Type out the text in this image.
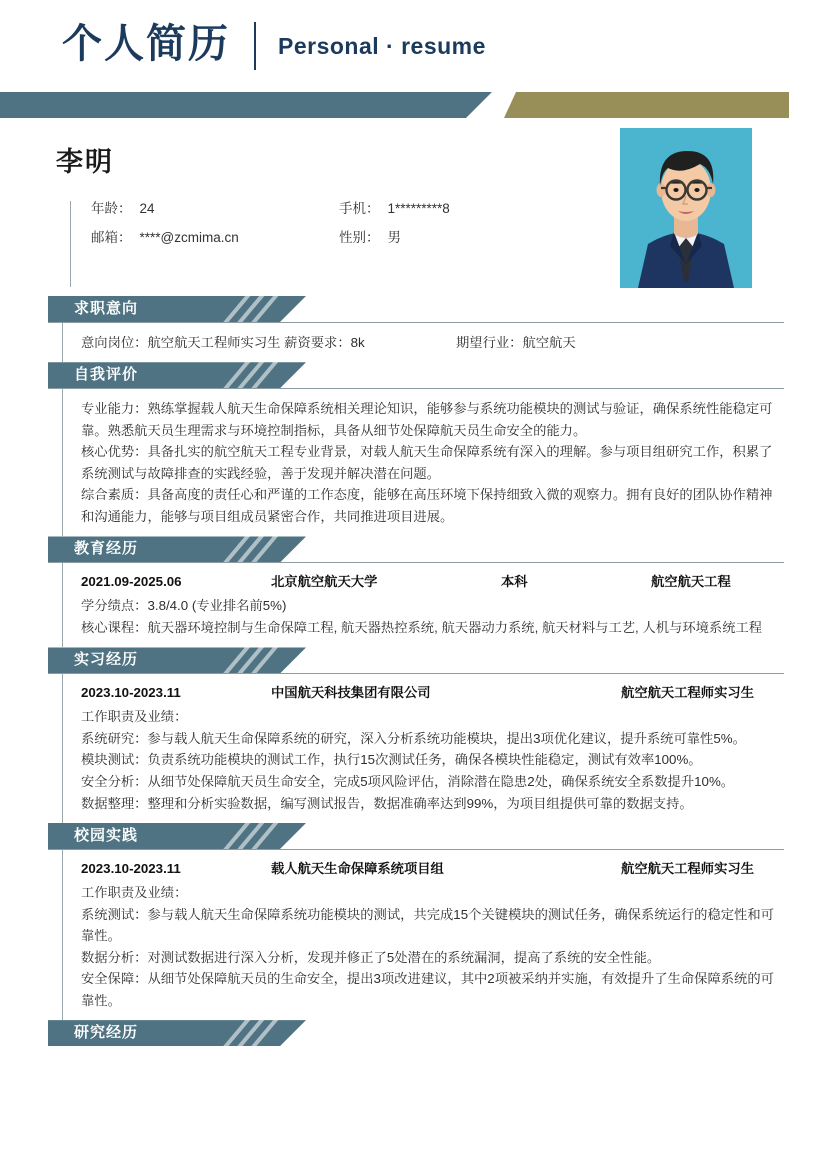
个人简历 Personal · resume
李明
年龄： 24	手机： 1*********8
邮箱： ****@zcmima.cn	性别： 男
求职意向
意向岗位：航空航天工程师实习生 薪资要求：8k	期望行业：航空航天
自我评价
专业能力：熟练掌握载人航天生命保障系统相关理论知识，能够参与系统功能模块的测试与验证，确保系统性能稳定可靠。熟悉航天员生理需求与环境控制指标，具备从细节处保障航天员生命安全的能力。
核心优势：具备扎实的航空航天工程专业背景，对载人航天生命保障系统有深入的理解。参与项目组研究工作，积累了系统测试与故障排查的实践经验，善于发现并解决潜在问题。
综合素质：具备高度的责任心和严谨的工作态度，能够在高压环境下保持细致入微的观察力。拥有良好的团队协作精神和沟通能力，能够与项目组成员紧密合作，共同推进项目进展。
教育经历
2021.09-2025.06	北京航空航天大学	本科	航空航天工程
学分绩点：3.8/4.0 (专业排名前5%)
核心课程：航天器环境控制与生命保障工程, 航天器热控系统, 航天器动力系统, 航天材料与工艺, 人机与环境系统工程
实习经历
2023.10-2023.11	中国航天科技集团有限公司	航空航天工程师实习生
工作职责及业绩：
系统研究：参与载人航天生命保障系统的研究，深入分析系统功能模块，提出3项优化建议，提升系统可靠性5%。
模块测试：负责系统功能模块的测试工作，执行15次测试任务，确保各模块性能稳定，测试有效率100%。
安全分析：从细节处保障航天员生命安全，完成5项风险评估，消除潜在隐患2处，确保系统安全系数提升10%。
数据整理：整理和分析实验数据，编写测试报告，数据准确率达到99%，为项目组提供可靠的数据支持。
校园实践
2023.10-2023.11	载人航天生命保障系统项目组	航空航天工程师实习生
工作职责及业绩：
系统测试：参与载人航天生命保障系统功能模块的测试，共完成15个关键模块的测试任务，确保系统运行的稳定性和可靠性。
数据分析：对测试数据进行深入分析，发现并修正了5处潜在的系统漏洞，提高了系统的安全性能。
安全保障：从细节处保障航天员的生命安全，提出3项改进建议，其中2项被采纳并实施，有效提升了生命保障系统的可靠性。
研究经历
